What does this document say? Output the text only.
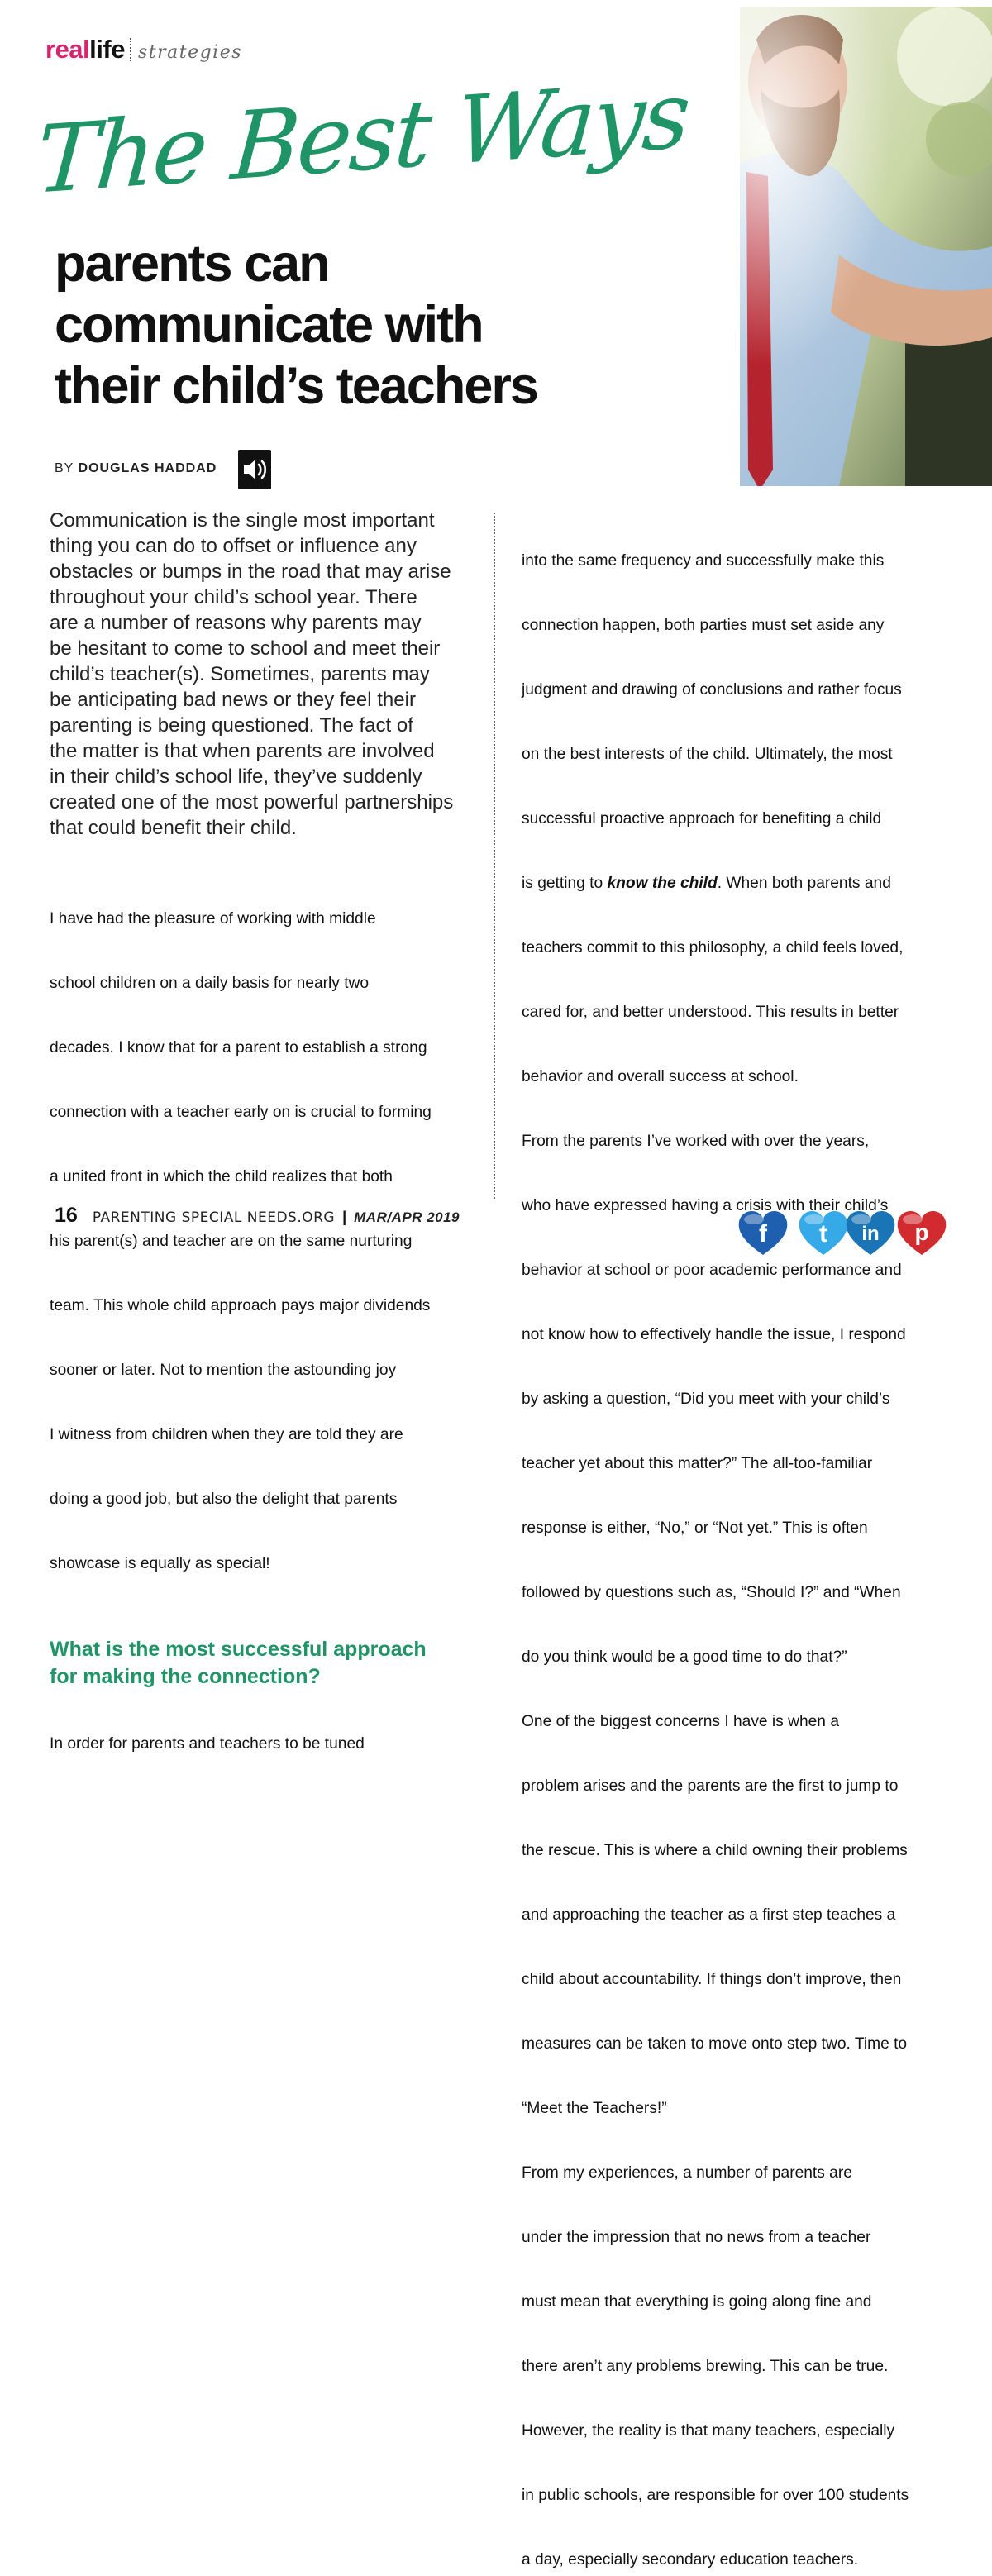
real life strategies
The Best Ways
parents can
communicate with
their child’s teachers
BY DOUGLAS HADDAD

Communication is the single most important
thing you can do to offset or influence any
obstacles or bumps in the road that may arise
throughout your child’s school year. There
are a number of reasons why parents may
be hesitant to come to school and meet their
child’s teacher(s). Sometimes, parents may
be anticipating bad news or they feel their
parenting is being questioned. The fact of
the matter is that when parents are involved
in their child’s school life, they’ve suddenly
created one of the most powerful partnerships
that could benefit their child.

I have had the pleasure of working with middle

school children on a daily basis for nearly two

decades. I know that for a parent to establish a strong

connection with a teacher early on is crucial to forming

a united front in which the child realizes that both

his parent(s) and teacher are on the same nurturing

team. This whole child approach pays major dividends

sooner or later. Not to mention the astounding joy

I witness from children when they are told they are

doing a good job, but also the delight that parents

showcase is equally as special!

What is the most successful approach
for making the connection?

In order for parents and teachers to be tuned

into the same frequency and successfully make this

connection happen, both parties must set aside any

judgment and drawing of conclusions and rather focus

on the best interests of the child. Ultimately, the most

successful proactive approach for benefiting a child

is getting to know the child. When both parents and

teachers commit to this philosophy, a child feels loved,

cared for, and better understood. This results in better

behavior and overall success at school.

From the parents I’ve worked with over the years,

who have expressed having a crisis with their child’s

behavior at school or poor academic performance and

not know how to effectively handle the issue, I respond

by asking a question, “Did you meet with your child’s

teacher yet about this matter?” The all-too-familiar

response is either, “No,” or “Not yet.” This is often

followed by questions such as, “Should I?” and “When

do you think would be a good time to do that?”

One of the biggest concerns I have is when a

problem arises and the parents are the first to jump to

the rescue. This is where a child owning their problems

and approaching the teacher as a first step teaches a

child about accountability. If things don’t improve, then

measures can be taken to move onto step two. Time to

“Meet the Teachers!”

From my experiences, a number of parents are

under the impression that no news from a teacher

must mean that everything is going along fine and

there aren’t any problems brewing. This can be true.

However, the reality is that many teachers, especially

in public schools, are responsible for over 100 students

a day, especially secondary education teachers.

16 PARENTING SPECIAL NEEDS.ORG | MAR/APR 2019
f t in p
